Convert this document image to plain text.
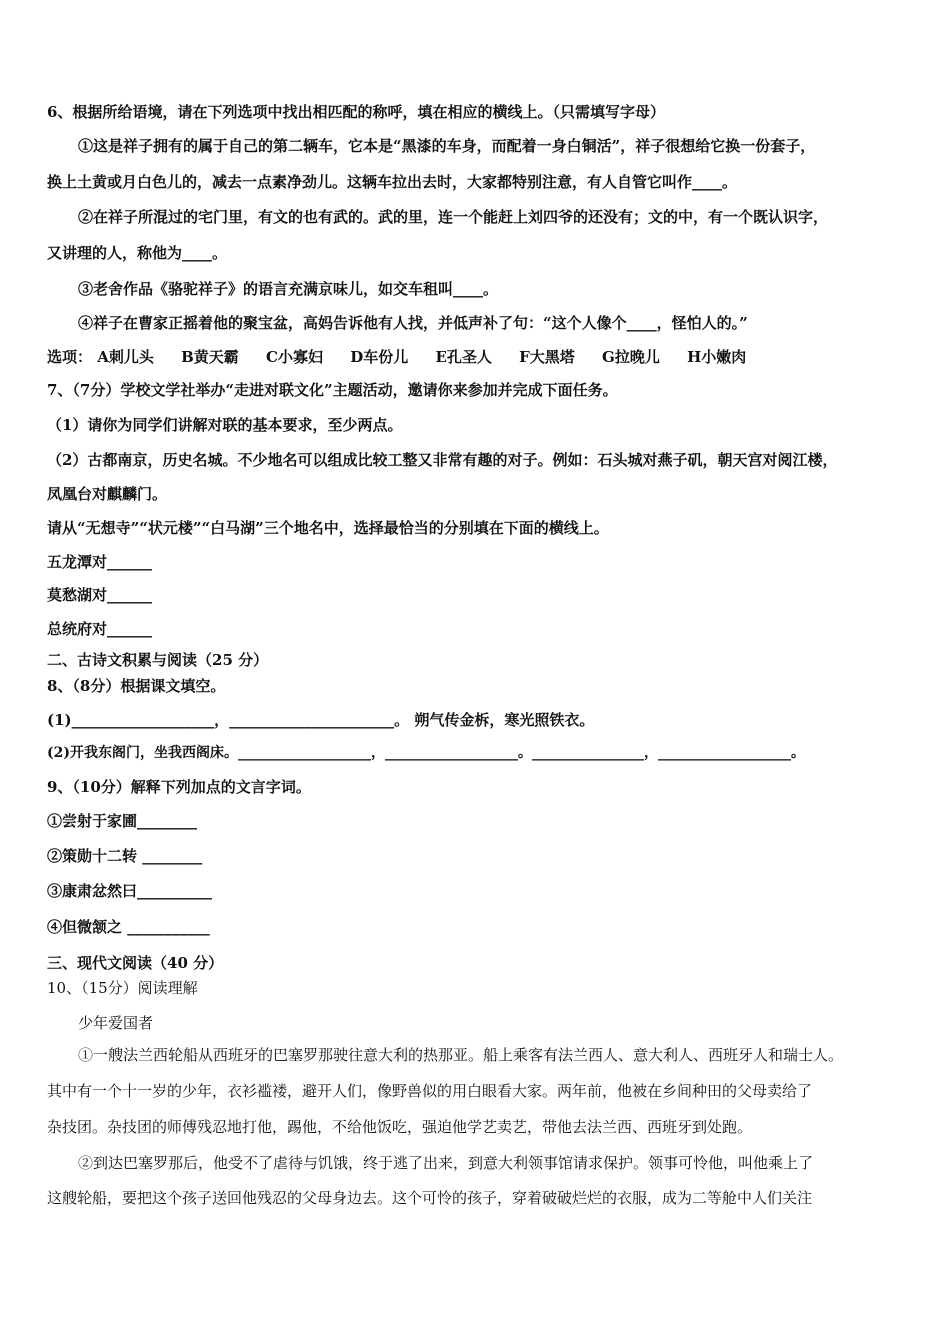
6、根据所给语境，请在下列选项中找出相匹配的称呼，填在相应的横线上。（只需填写字母）
①这是祥子拥有的属于自己的第二辆车，它本是“黑漆的车身，而配着一身白铜活”，祥子很想给它换一份套子，
换上土黄或月白色儿的，减去一点素净劲儿。这辆车拉出去时，大家都特别注意，有人自管它叫作____。
②在祥子所混过的宅门里，有文的也有武的。武的里，连一个能赶上刘四爷的还没有；文的中，有一个既认识字，
又讲理的人，称他为____。
③老舍作品《骆驼祥子》的语言充满京味儿，如交车租叫____。
④祥子在曹家正摇着他的聚宝盆，高妈告诉他有人找，并低声补了句：“这个人像个____，怪怕人的。”
选项： A刺儿头 B黄天霸 C小寡妇 D车份儿 E孔圣人 F大黑塔 G拉晚儿 H小嫩肉
7、（7分）学校文学社举办“走进对联文化”主题活动，邀请你来参加并完成下面任务。
（1）请你为同学们讲解对联的基本要求，至少两点。
（2）古都南京，历史名城。不少地名可以组成比较工整又非常有趣的对子。例如：石头城对燕子矶，朝天宫对阅江楼，
凤凰台对麒麟门。
请从“无想寺”“状元楼”“白马湖”三个地名中，选择最恰当的分别填在下面的横线上。
五龙潭对______
莫愁湖对______
总统府对______
二、古诗文积累与阅读（25 分）
8、（8分）根据课文填空。
(1)___________________，______________________。 朔气传金柝，寒光照铁衣。
(2)开我东阁门，坐我西阁床。___________________，___________________。________________，___________________。
9、（10分）解释下列加点的文言字词。
①尝射于家圃________
②策勋十二转 ________
③康肃忿然曰__________
④但微颔之 ___________
三、现代文阅读（40 分）
10、（15分）阅读理解
少年爱国者
①一艘法兰西轮船从西班牙的巴塞罗那驶往意大利的热那亚。船上乘客有法兰西人、意大利人、西班牙人和瑞士人。
其中有一个十一岁的少年，衣衫褴褛，避开人们，像野兽似的用白眼看大家。两年前，他被在乡间种田的父母卖给了
杂技团。杂技团的师傅残忍地打他，踢他，不给他饭吃，强迫他学艺卖艺，带他去法兰西、西班牙到处跑。
②到达巴塞罗那后，他受不了虐待与饥饿，终于逃了出来，到意大利领事馆请求保护。领事可怜他，叫他乘上了
这艘轮船，要把这个孩子送回他残忍的父母身边去。这个可怜的孩子，穿着破破烂烂的衣服，成为二等舱中人们关注
